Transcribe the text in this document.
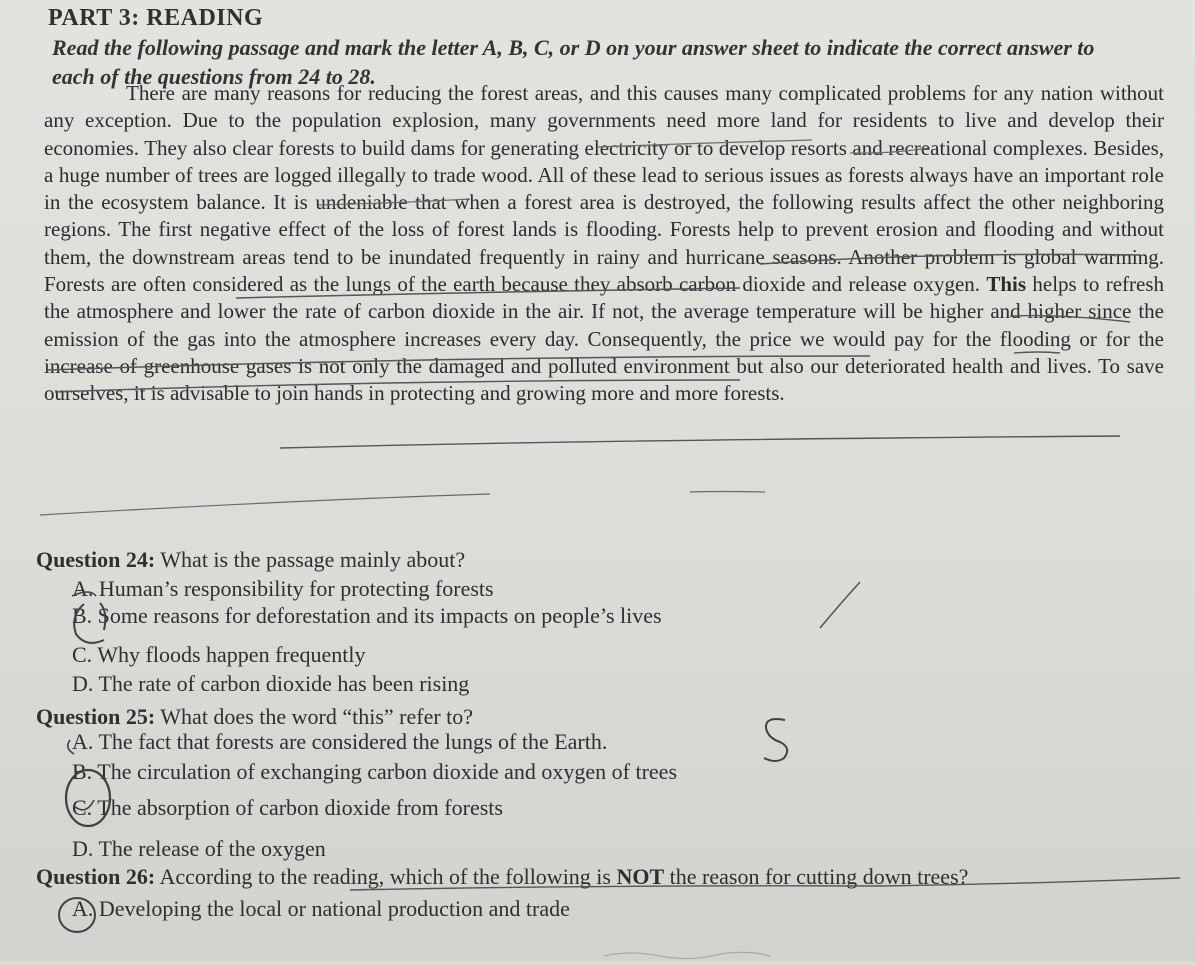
PART 3: READING
Read the following passage and mark the letter A, B, C, or D on your answer sheet to indicate the correct answer to each of the questions from 24 to 28.
There are many reasons for reducing the forest areas, and this causes many complicated problems for any nation without any exception. Due to the population explosion, many governments need more land for residents to live and develop their economies. They also clear forests to build dams for generating electricity or to develop resorts and recreational complexes. Besides, a huge number of trees are logged illegally to trade wood. All of these lead to serious issues as forests always have an important role in the ecosystem balance. It is undeniable that when a forest area is destroyed, the following results affect the other neighboring regions. The first negative effect of the loss of forest lands is flooding. Forests help to prevent erosion and flooding and without them, the downstream areas tend to be inundated frequently in rainy and hurricane seasons. Another problem is global warming. Forests are often considered as the lungs of the earth because they absorb carbon dioxide and release oxygen. This helps to refresh the atmosphere and lower the rate of carbon dioxide in the air. If not, the average temperature will be higher and higher since the emission of the gas into the atmosphere increases every day. Consequently, the price we would pay for the flooding or for the increase of greenhouse gases is not only the damaged and polluted environment but also our deteriorated health and lives. To save ourselves, it is advisable to join hands in protecting and growing more and more forests.
Question 24: What is the passage mainly about?
A. Human’s responsibility for protecting forests
B. Some reasons for deforestation and its impacts on people’s lives
C. Why floods happen frequently
D. The rate of carbon dioxide has been rising
Question 25: What does the word “this” refer to?
A. The fact that forests are considered the lungs of the Earth.
B. The circulation of exchanging carbon dioxide and oxygen of trees
C. The absorption of carbon dioxide from forests
D. The release of the oxygen
Question 26: According to the reading, which of the following is NOT the reason for cutting down trees?
A. Developing the local or national production and trade
